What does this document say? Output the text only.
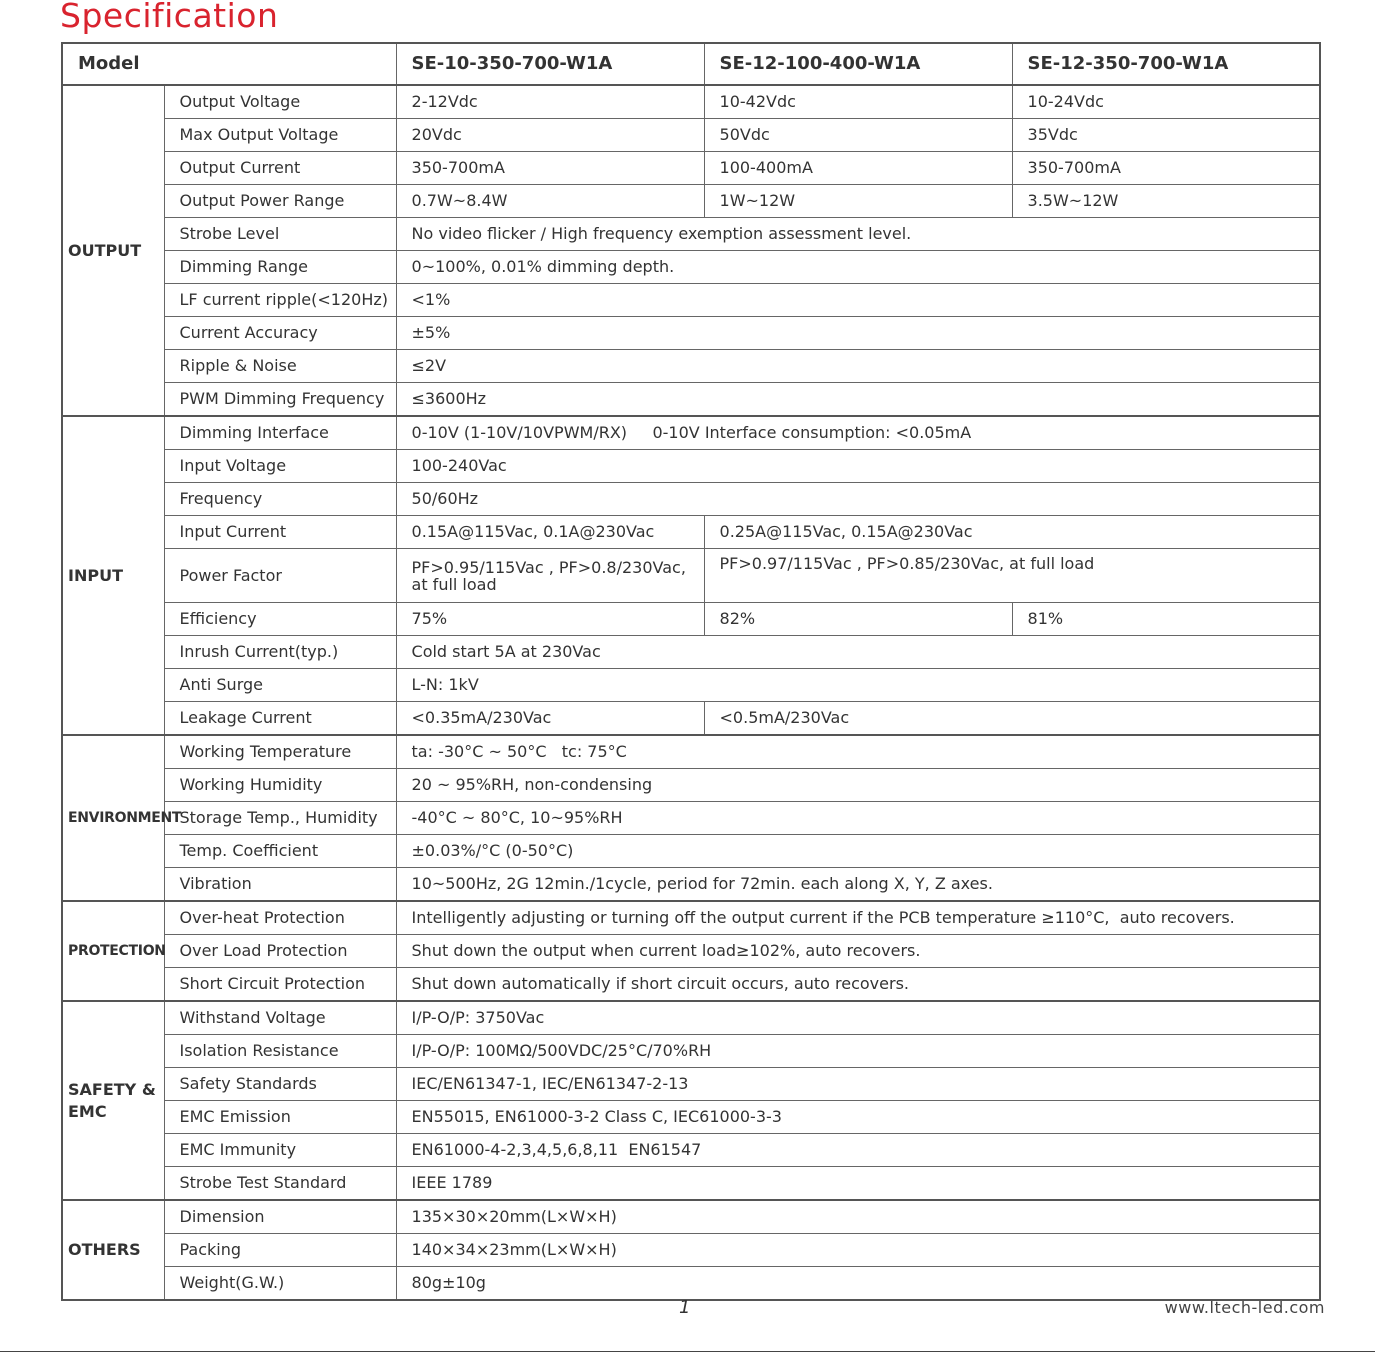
Specification
Model		SE-10-350-700-W1A	SE-12-100-400-W1A	SE-12-350-700-W1A
OUTPUT	Output Voltage	2-12Vdc	10-42Vdc	10-24Vdc
	Max Output Voltage	20Vdc	50Vdc	35Vdc
	Output Current	350-700mA	100-400mA	350-700mA
	Output Power Range	0.7W~8.4W	1W~12W	3.5W~12W
	Strobe Level	No video flicker / High frequency exemption assessment level.		
	Dimming Range	0~100%, 0.01% dimming depth.		
	LF current ripple(<120Hz)	<1%		
	Current Accuracy	±5%		
	Ripple & Noise	≤2V		
	PWM Dimming Frequency	≤3600Hz		
INPUT	Dimming Interface	0-10V (1-10V/10VPWM/RX)     0-10V Interface consumption: <0.05mA		
	Input Voltage	100-240Vac		
	Frequency	50/60Hz		
	Input Current	0.15A@115Vac, 0.1A@230Vac	0.25A@115Vac, 0.15A@230Vac	
	Power Factor	PF>0.95/115Vac , PF>0.8/230Vac, at full load	PF>0.97/115Vac , PF>0.85/230Vac, at full load	
	Efficiency	75%	82%	81%
	Inrush Current(typ.)	Cold start 5A at 230Vac		
	Anti Surge	L-N: 1kV		
	Leakage Current	<0.35mA/230Vac	<0.5mA/230Vac	
ENVIRONMENT	Working Temperature	ta: -30°C ~ 50°C   tc: 75°C		
	Working Humidity	20 ~ 95%RH, non-condensing		
	Storage Temp., Humidity	-40°C ~ 80°C, 10~95%RH		
	Temp. Coefficient	±0.03%/°C (0-50°C)		
	Vibration	10~500Hz, 2G 12min./1cycle, period for 72min. each along X, Y, Z axes.		
PROTECTION	Over-heat Protection	Intelligently adjusting or turning off the output current if the PCB temperature ≥110°C,  auto recovers.		
	Over Load Protection	Shut down the output when current load≥102%, auto recovers.		
	Short Circuit Protection	Shut down automatically if short circuit occurs, auto recovers.		
SAFETY & EMC	Withstand Voltage	I/P-O/P: 3750Vac		
	Isolation Resistance	I/P-O/P: 100MΩ/500VDC/25°C/70%RH		
	Safety Standards	IEC/EN61347-1, IEC/EN61347-2-13		
	EMC Emission	EN55015, EN61000-3-2 Class C, IEC61000-3-3		
	EMC Immunity	EN61000-4-2,3,4,5,6,8,11  EN61547		
	Strobe Test Standard	IEEE 1789		
OTHERS	Dimension	135×30×20mm(L×W×H)		
	Packing	140×34×23mm(L×W×H)		
	Weight(G.W.)	80g±10g		
1	www.ltech-led.com
